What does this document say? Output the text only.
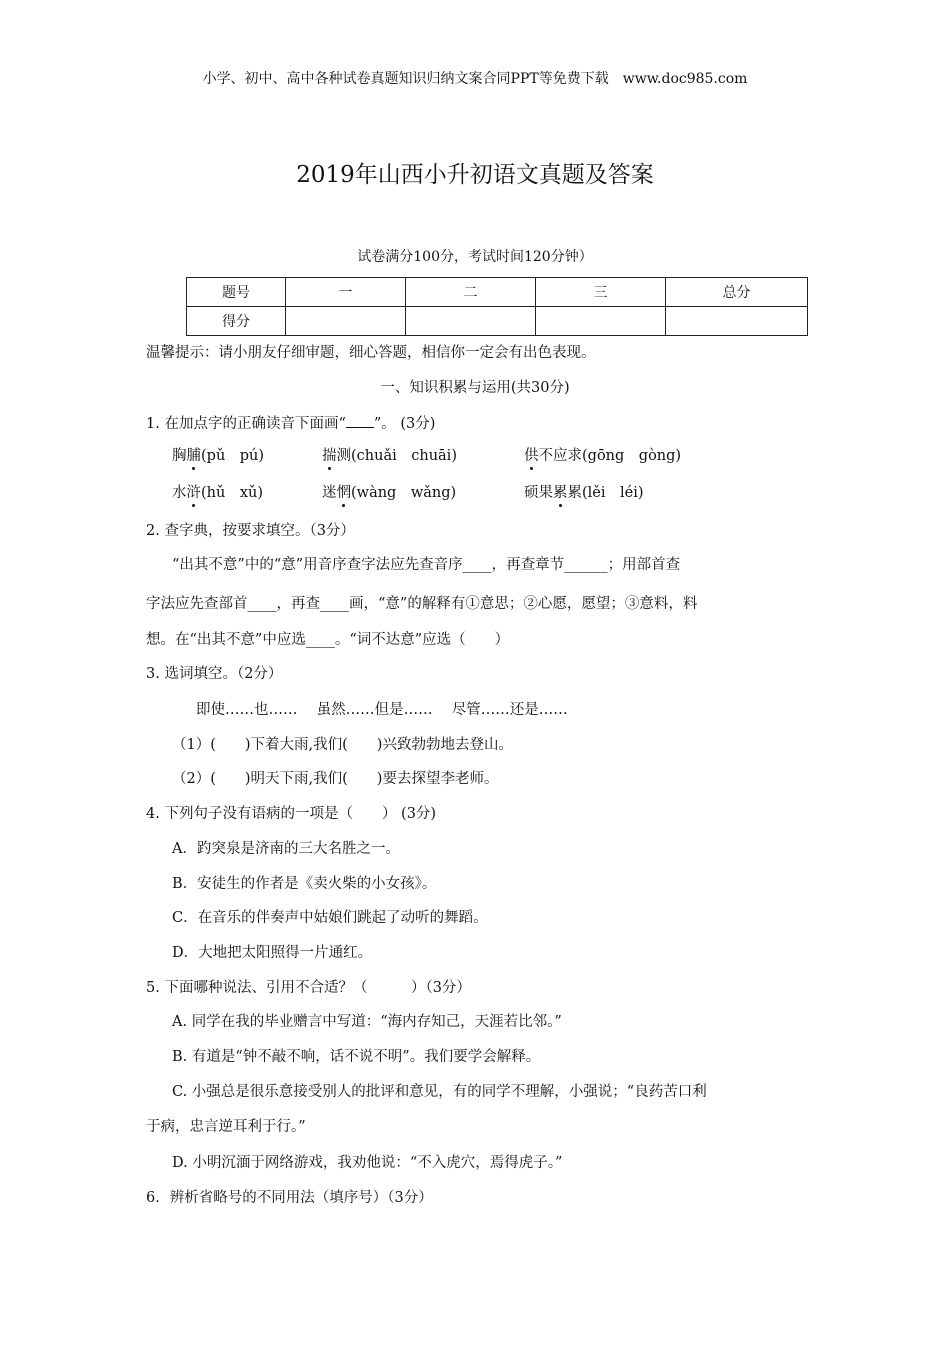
小学、初中、高中各种试卷真题知识归纳文案合同PPT等免费下载　www.doc985.com
2019年山西小升初语文真题及答案
试卷满分100分，考试时间120分钟）
题号	一	二	三	总分
得分				
温馨提示：请小朋友仔细审题，细心答题，相信你一定会有出色表现。
一、知识积累与运用(共30分)
1. 在加点字的正确读音下面画“ ”。 (3分)
胸脯(pǔ　pú)	揣测(chuǎi　chuāi)	供不应求(gōng　gòng)
水浒(hǔ　xǔ)	迷惘(wàng　wǎng)	硕果累累(lěi　léi)
2. 查字典，按要求填空。（3分）
“出其不意”中的“意”用音序查字法应先查音序____，再查章节______；用部首查
字法应先查部首____，再查____画，“意”的解释有①意思；②心愿，愿望；③意料，料
想。在“出其不意”中应选____。“词不达意”应选（　　）
3. 选词填空。（2分）
即使……也……　 虽然……但是……　 尽管……还是……
（1）(　　)下着大雨,我们(　　)兴致勃勃地去登山。
（2）(　　)明天下雨,我们(　　)要去探望李老师。
4. 下列句子没有语病的一项是（　　） (3分)
A．趵突泉是济南的三大名胜之一。
B．安徒生的作者是《卖火柴的小女孩》。
C．在音乐的伴奏声中姑娘们跳起了动听的舞蹈。
D．大地把太阳照得一片通红。
5. 下面哪种说法、引用不合适？（　　　）（3分）
A. 同学在我的毕业赠言中写道：“海内存知己，天涯若比邻。”
B. 有道是“钟不敲不响，话不说不明”。我们要学会解释。
C. 小强总是很乐意接受别人的批评和意见，有的同学不理解，小强说；“良药苦口利
于病，忠言逆耳利于行。”
D. 小明沉湎于网络游戏，我劝他说：“不入虎穴，焉得虎子。”
6．辨析省略号的不同用法（填序号）（3分）
